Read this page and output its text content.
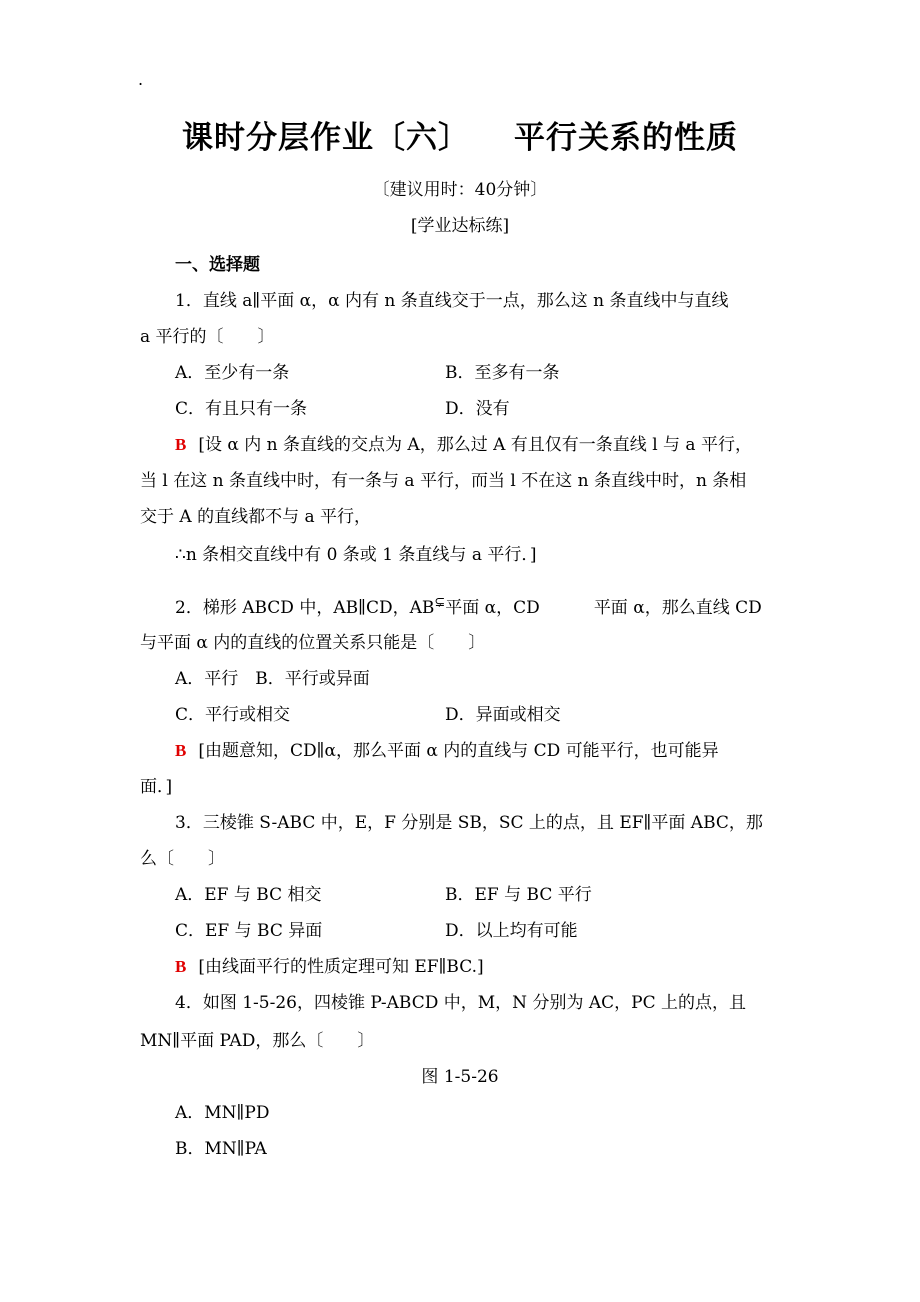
.
课时分层作业〔六〕 平行关系的性质
〔建议用时：40分钟〕
[学业达标练]
一、选择题
1．直线 a∥平面 α，α 内有 n 条直线交于一点，那么这 n 条直线中与直线
a 平行的〔　　〕
A．至少有一条	B．至多有一条
C．有且只有一条	D．没有
B [设 α 内 n 条直线的交点为 A，那么过 A 有且仅有一条直线 l 与 a 平行，
当 l 在这 n 条直线中时，有一条与 a 平行，而当 l 不在这 n 条直线中时，n 条相
交于 A 的直线都不与 a 平行，
∴n 条相交直线中有 0 条或 1 条直线与 a 平行．]
2．梯形 ABCD 中，AB∥CD，AB⊊平面 α，CD	平面 α，那么直线 CD
与平面 α 内的直线的位置关系只能是〔　　〕
A．平行　B．平行或异面
C．平行或相交	D．异面或相交
B [由题意知，CD∥α，那么平面 α 内的直线与 CD 可能平行，也可能异
面．]
3．三棱锥 S-ABC 中，E，F 分别是 SB，SC 上的点，且 EF∥平面 ABC，那
么〔　　〕
A．EF 与 BC 相交	B．EF 与 BC 平行
C．EF 与 BC 异面	D．以上均有可能
B [由线面平行的性质定理可知 EF∥BC.]
4．如图 1-5-26，四棱锥 P-ABCD 中，M，N 分别为 AC，PC 上的点，且
MN∥平面 PAD，那么〔　　〕
图 1-5-26
A．MN∥PD
B．MN∥PA
